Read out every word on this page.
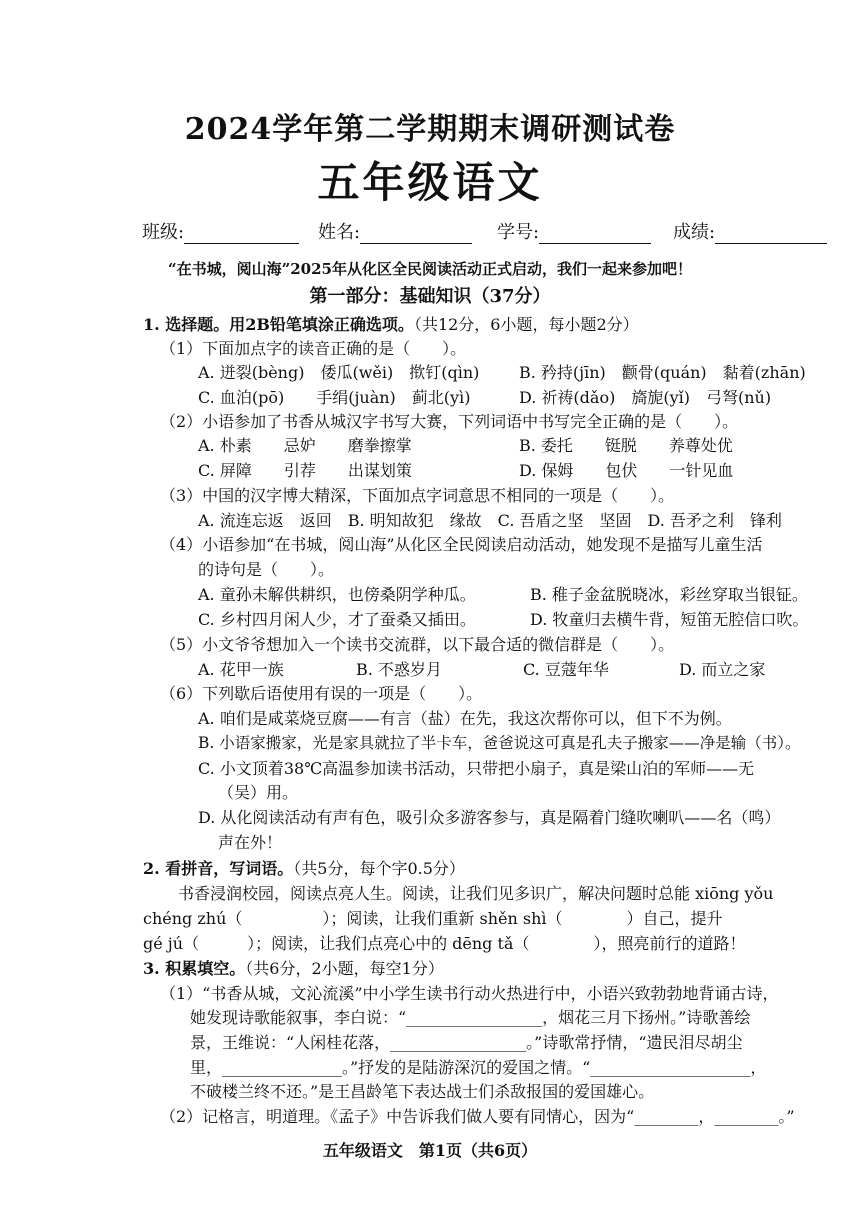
2024学年第二学期期末调研测试卷
五年级语文
班级:	姓名:	学号:	成绩:
“在书城，阅山海”2025年从化区全民阅读活动正式启动，我们一起来参加吧！
第一部分：基础知识（37分）
1. 选择题。用2B铅笔填涂正确选项。（共12分，6小题，每小题2分）
（1）下面加点字的读音正确的是（　　）。
A. 迸裂(bèng)　倭瓜(wěi)　揿钉(qìn) B. 矜持(jīn)　颧骨(quán)　黏着(zhān)
C. 血泊(pō)　　手绢(juàn)　蓟北(yì)	D. 祈祷(dǎo)　旖旎(yǐ)　弓弩(nǔ)
（2）小语参加了书香从城汉字书写大赛，下列词语中书写完全正确的是（　　）。
A. 朴素　　忌妒　　磨拳擦掌	B. 委托　　铤脱　　养尊处优
C. 屏障　　引荐　　出谋划策	D. 保姆　　包伏　　一针见血
（3）中国的汉字博大精深，下面加点字词意思不相同的一项是（　　）。
A. 流连忘返　返回　B. 明知故犯　缘故　C. 吾盾之坚　坚固　D. 吾矛之利　锋利
（4）小语参加“在书城，阅山海”从化区全民阅读启动活动，她发现不是描写儿童生活
的诗句是（　　）。
A. 童孙未解供耕织，也傍桑阴学种瓜。	B. 稚子金盆脱晓冰，彩丝穿取当银钲。
C. 乡村四月闲人少，才了蚕桑又插田。	D. 牧童归去横牛背，短笛无腔信口吹。
（5）小文爷爷想加入一个读书交流群，以下最合适的微信群是（　　）。
A. 花甲一族	B. 不惑岁月	C. 豆蔻年华	D. 而立之家
（6）下列歇后语使用有误的一项是（　　）。
A. 咱们是咸菜烧豆腐——有言（盐）在先，我这次帮你可以，但下不为例。
B. 小语家搬家，光是家具就拉了半卡车，爸爸说这可真是孔夫子搬家——净是输（书）。
C. 小文顶着38℃高温参加读书活动，只带把小扇子，真是梁山泊的军师——无
（吴）用。
D. 从化阅读活动有声有色，吸引众多游客参与，真是隔着门缝吹喇叭——名（鸣）
声在外！
2. 看拼音，写词语。（共5分，每个字0.5分）
书香浸润校园，阅读点亮人生。阅读，让我们见多识广，解决问题时总能 xiōng yǒu
chéng zhú（　　　　　）；阅读，让我们重新 shěn shì（　　　　）自己，提升
gé jú（　　　）；阅读，让我们点亮心中的 dēng tǎ（　　　　），照亮前行的道路！
3. 积累填空。（共6分，2小题，每空1分）
（1）“书香从城，文沁流溪”中小学生读书行动火热进行中，小语兴致勃勃地背诵古诗，
她发现诗歌能叙事，李白说：“_________________，烟花三月下扬州。”诗歌善绘
景，王维说：“人闲桂花落，_________________。”诗歌常抒情，“遗民泪尽胡尘
里，_______________。”抒发的是陆游深沉的爱国之情。“____________________，
不破楼兰终不还。”是王昌龄笔下表达战士们杀敌报国的爱国雄心。
（2）记格言，明道理。《孟子》中告诉我们做人要有同情心，因为“________，________。”
五年级语文　第1页（共6页）
